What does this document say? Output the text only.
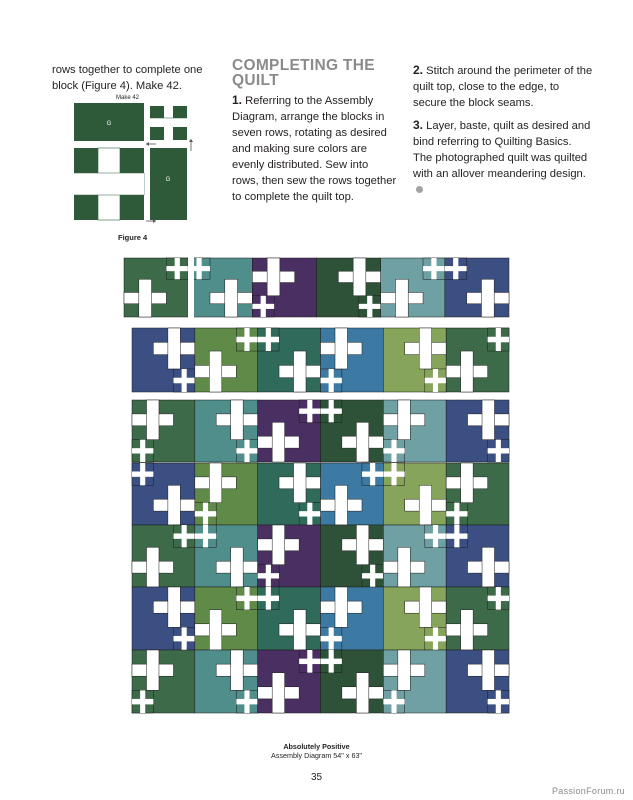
rows together to complete one block (Figure 4). Make 42.
Make 42
G
G
Figure 4
COMPLETING THE QUILT

1. Referring to the Assembly Diagram, arrange the blocks in seven rows, rotating as desired and making sure colors are evenly distributed. Sew into rows, then sew the rows together to complete the quilt top.

2. Stitch around the perimeter of the quilt top, close to the edge, to secure the block seams.

3. Layer, baste, quilt as desired and bind referring to Quilting Basics. The photographed quilt was quilted with an allover meandering design.

Absolutely Positive
Assembly Diagram 54" x 63"
35
PassionForum.ru
